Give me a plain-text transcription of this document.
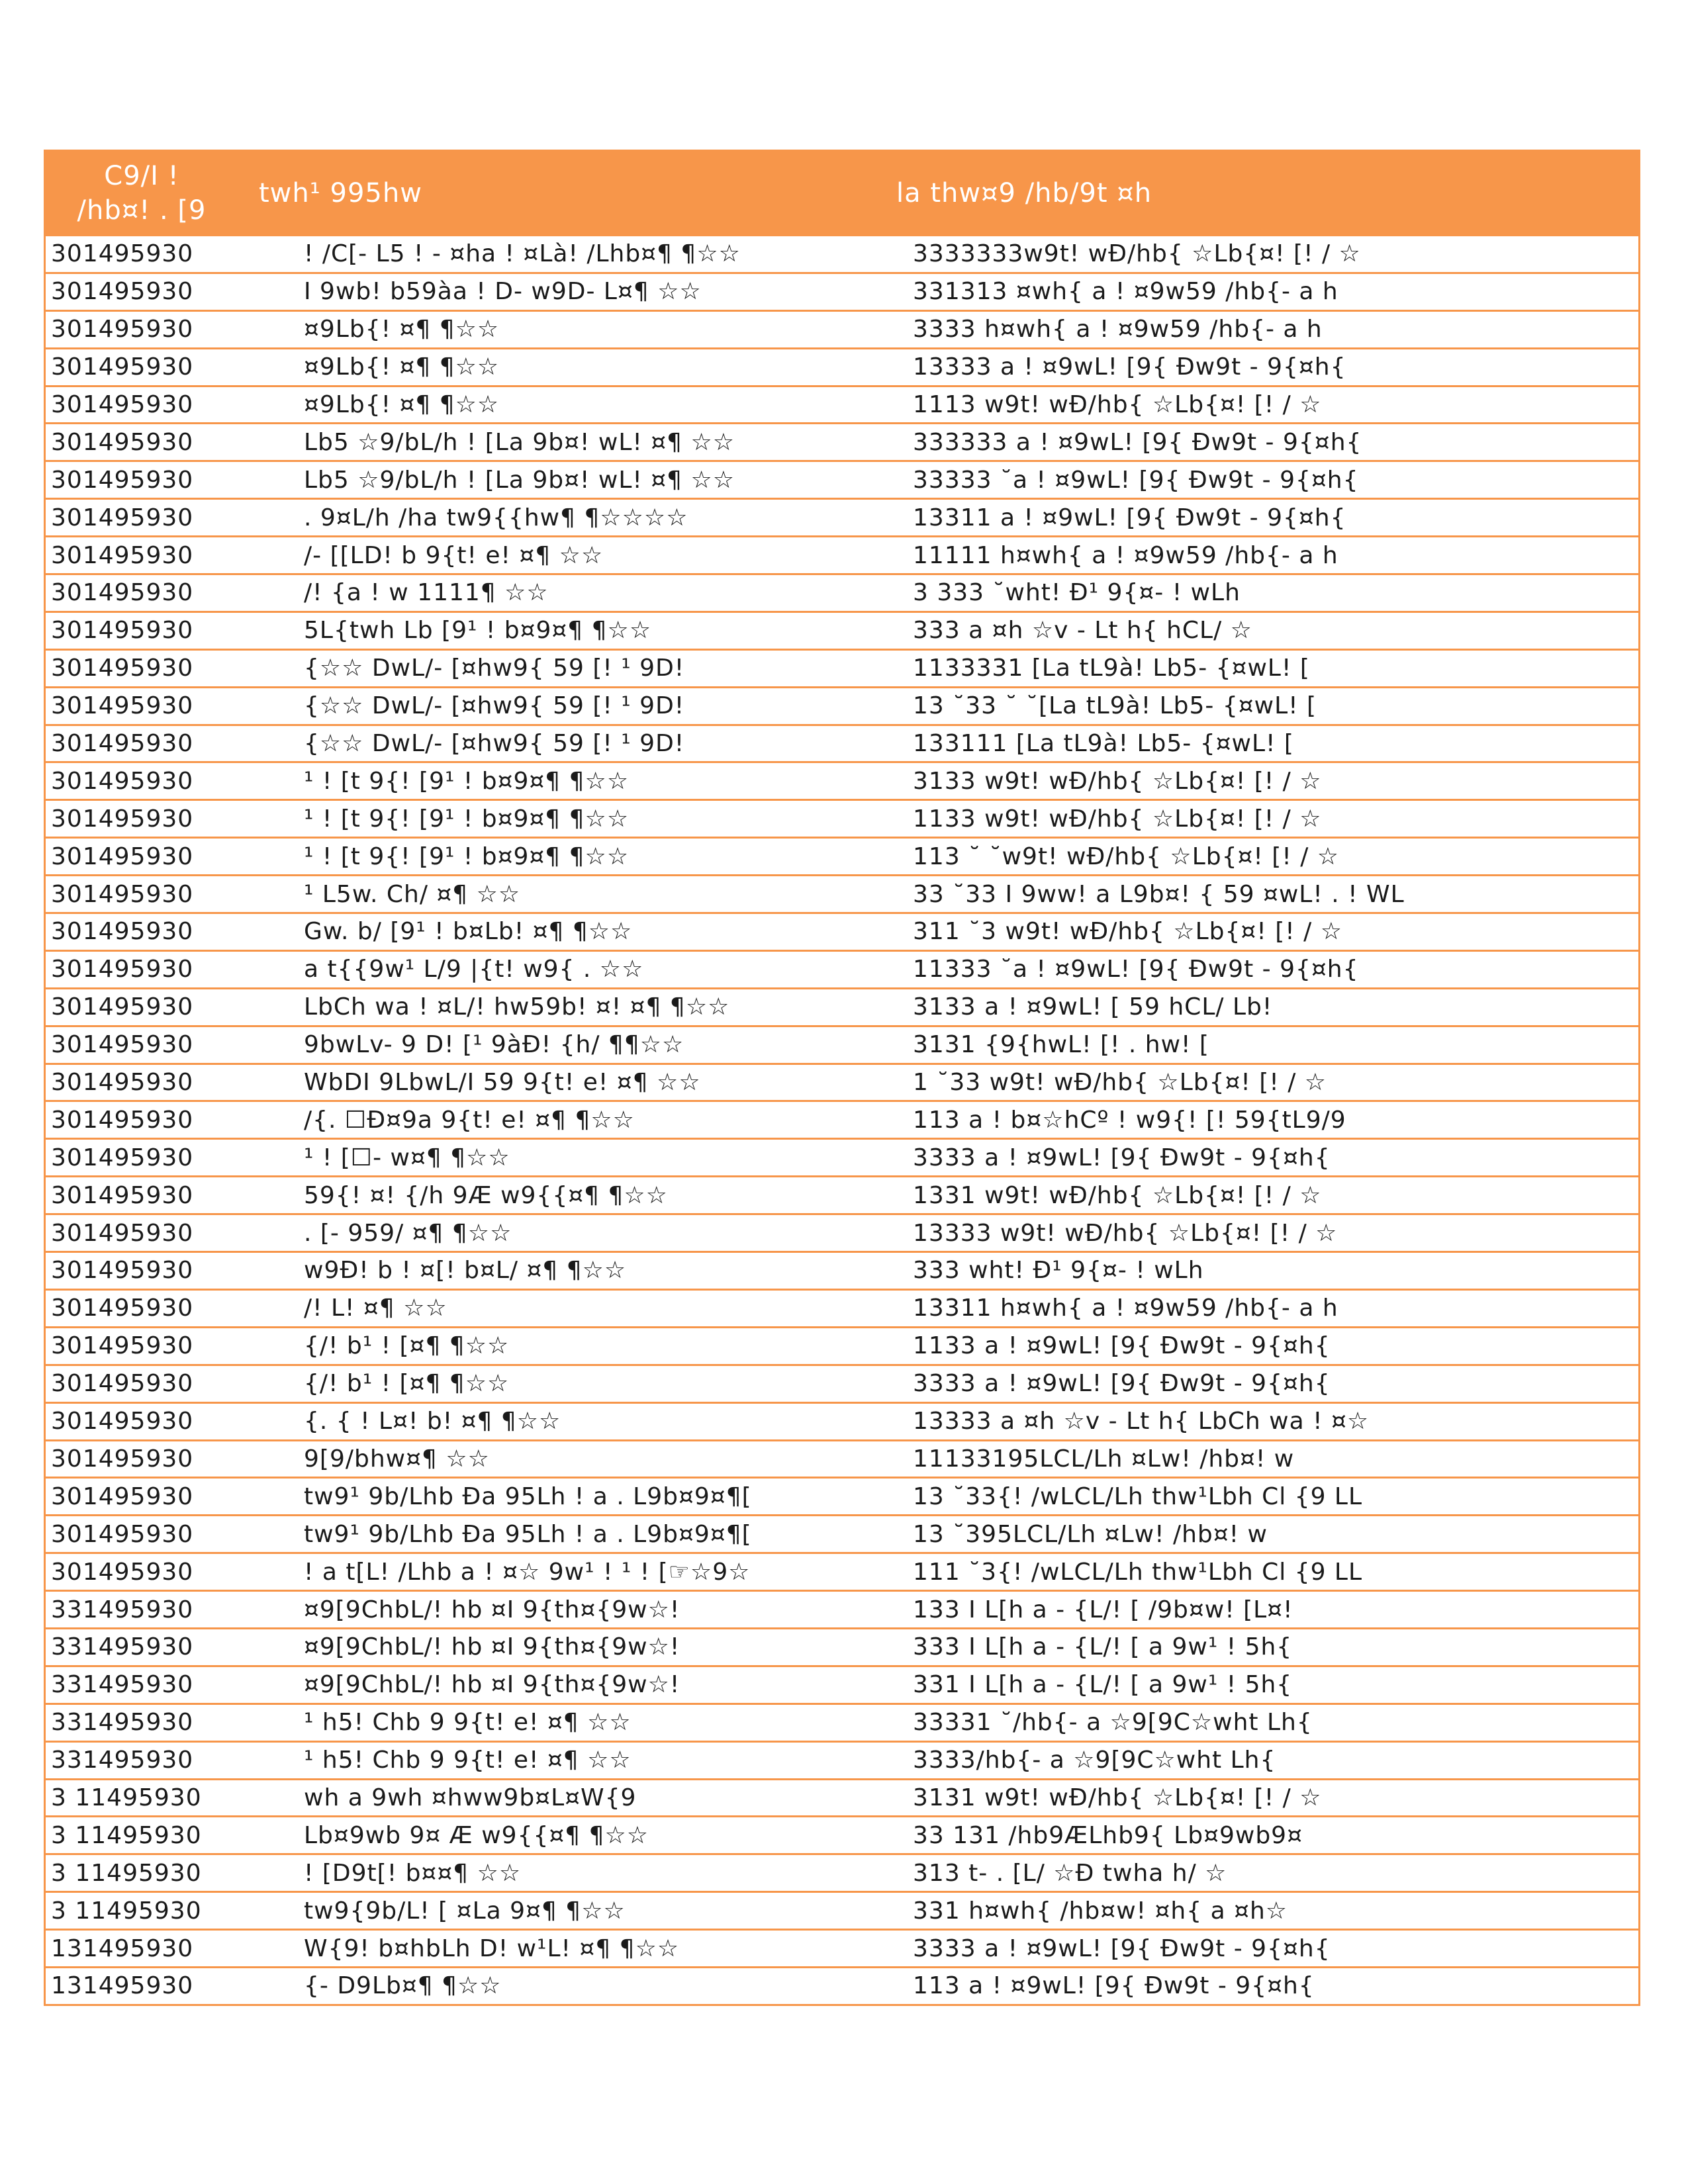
C9/I !
/hb¤! . [9
twh¹ 995hw	la thw¤9 /hb/9t ¤h
3‌0‌1‌4‌9‌5‌9‌3‌0	! /C[- L5 ! - ¤ha ! ¤Là! /Lhb¤¶ ¶☆☆	3333‌3‌3‌3‌w9t! wÐ/hb{ ☆Lb{¤! [! / ☆
3‌0‌1‌4‌9‌5‌9‌3‌0	I 9wb! b59àa ! D- w9D- L¤¶ ☆☆	3‌3‌1‌3‌1‌3 ¤wh{ a ! ¤9w59 /hb{- a h
3‌0‌1‌4‌9‌5‌9‌3‌0	¤9Lb{! ¤¶ ¶☆☆	3‌3‌3‌3 h¤wh{ a ! ¤9w59 /hb{- a h
3‌0‌1‌4‌9‌5‌9‌3‌0	¤9Lb{! ¤¶ ¶☆☆	1‌3‌3‌3‌3 a ! ¤9wL! [9{ Ðw9t - 9{¤h{
3‌0‌1‌4‌9‌5‌9‌3‌0	¤9Lb{! ¤¶ ¶☆☆	1‌1‌1‌3 w9t! wÐ/hb{ ☆Lb{¤! [! / ☆
3‌0‌1‌4‌9‌5‌9‌3‌0	Lb5 ☆9/bL/h ! [La 9b¤! wL! ¤¶ ☆☆	3‌3‌3‌3‌3‌3 a ! ¤9wL! [9{ Ðw9t - 9{¤h{
3‌0‌1‌4‌9‌5‌9‌3‌0	Lb5 ☆9/bL/h ! [La 9b¤! wL! ¤¶ ☆☆	3‌3‌3‌3‌3 ˘a ! ¤9wL! [9{ Ðw9t - 9{¤h{
3‌0‌1‌4‌9‌5‌9‌3‌0	. 9¤L/h /ha tw9{{hw¶ ¶☆☆☆☆	1‌3‌3‌1‌1 a ! ¤9wL! [9{ Ðw9t - 9{¤h{
3‌0‌1‌4‌9‌5‌9‌3‌0	/- [[LD! b 9{t! e! ¤¶ ☆☆	1‌1‌1‌1‌1 h¤wh{ a ! ¤9w59 /hb{- a h
3‌0‌1‌4‌9‌5‌9‌3‌0	/! {a ! w 1‌1‌1‌1¶ ☆☆	3 3‌3‌3 ˘wht! Ð¹ 9{¤- ! wLh
3‌0‌1‌4‌9‌5‌9‌3‌0	5L{twh Lb [9¹ ! b¤9¤¶ ¶☆☆	3‌3‌3 a ¤h ☆v - Lt h{ hCL/ ☆
3‌0‌1‌4‌9‌5‌9‌3‌0	{☆☆ DwL/- [¤hw9{ 59 [! ¹ 9D!	1‌1‌3‌3‌3‌3‌1 [La tL9à! Lb5- {¤wL! [
3‌0‌1‌4‌9‌5‌9‌3‌0	{☆☆ DwL/- [¤hw9{ 59 [! ¹ 9D!	1‌3 ˘3‌3 ˘ ˘[La tL9à! Lb5- {¤wL! [
3‌0‌1‌4‌9‌5‌9‌3‌0	{☆☆ DwL/- [¤hw9{ 59 [! ¹ 9D!	1‌3‌3‌1‌1‌1 [La tL9à! Lb5- {¤wL! [
3‌0‌1‌4‌9‌5‌9‌3‌0	¹ ! [t 9{! [9¹ ! b¤9¤¶ ¶☆☆	3‌1‌3‌3 w9t! wÐ/hb{ ☆Lb{¤! [! / ☆
3‌0‌1‌4‌9‌5‌9‌3‌0	¹ ! [t 9{! [9¹ ! b¤9¤¶ ¶☆☆	1‌1‌3‌3 w9t! wÐ/hb{ ☆Lb{¤! [! / ☆
3‌0‌1‌4‌9‌5‌9‌3‌0	¹ ! [t 9{! [9¹ ! b¤9¤¶ ¶☆☆	1‌1‌3 ˘ ˘w9t! wÐ/hb{ ☆Lb{¤! [! / ☆
3‌0‌1‌4‌9‌5‌9‌3‌0	¹ L5w. Ch/ ¤¶ ☆☆	3‌3 ˘3‌3 I 9ww! a L9b¤! { 59 ¤wL! . ! WL
3‌0‌1‌4‌9‌5‌9‌3‌0	Gw. b/ [9¹ ! b¤Lb! ¤¶ ¶☆☆	3‌1‌1 ˘3 w9t! wÐ/hb{ ☆Lb{¤! [! / ☆
3‌0‌1‌4‌9‌5‌9‌3‌0	a t{{9w¹ L/9 |{t! w9{ . ☆☆	1‌1‌3‌3‌3 ˘a ! ¤9wL! [9{ Ðw9t - 9{¤h{
3‌0‌1‌4‌9‌5‌9‌3‌0	LbCh wa ! ¤L/! hw59b! ¤! ¤¶ ¶☆☆	3‌1‌3‌3 a ! ¤9wL! [ 59 hCL/ Lb!
3‌0‌1‌4‌9‌5‌9‌3‌0	9bwLv- 9 D! [¹ 9àÐ! {h/ ¶¶☆☆	3‌1‌3‌1 {9{hwL! [! . hw! [
3‌0‌1‌4‌9‌5‌9‌3‌0	WbDI 9LbwL/I 59 9{t! e! ¤¶ ☆☆	1 ˘3‌3 w9t! wÐ/hb{ ☆Lb{¤! [! / ☆
3‌0‌1‌4‌9‌5‌9‌3‌0	/{. ☐Ð¤9a 9{t! e! ¤¶ ¶☆☆	1‌1‌3 a ! b¤☆hCº ! w9{! [! 59{tL9/9
3‌0‌1‌4‌9‌5‌9‌3‌0	¹ ! [☐- w¤¶ ¶☆☆	3‌3‌3‌3 a ! ¤9wL! [9{ Ðw9t - 9{¤h{
3‌0‌1‌4‌9‌5‌9‌3‌0	59{! ¤! {/h 9Æ w9{{¤¶ ¶☆☆	1‌3‌3‌1 w9t! wÐ/hb{ ☆Lb{¤! [! / ☆
3‌0‌1‌4‌9‌5‌9‌3‌0	. [- 959/ ¤¶ ¶☆☆	1‌3‌3‌3‌3 w9t! wÐ/hb{ ☆Lb{¤! [! / ☆
3‌0‌1‌4‌9‌5‌9‌3‌0	w9Ð! b ! ¤[! b¤L/ ¤¶ ¶☆☆	3‌3‌3 wht! Ð¹ 9{¤- ! wLh
3‌0‌1‌4‌9‌5‌9‌3‌0	/! L! ¤¶ ☆☆	1‌3‌3‌1‌1 h¤wh{ a ! ¤9w59 /hb{- a h
3‌0‌1‌4‌9‌5‌9‌3‌0	{/! b¹ ! [¤¶ ¶☆☆	1‌1‌3‌3 a ! ¤9wL! [9{ Ðw9t - 9{¤h{
3‌0‌1‌4‌9‌5‌9‌3‌0	{/! b¹ ! [¤¶ ¶☆☆	3‌3‌3‌3 a ! ¤9wL! [9{ Ðw9t - 9{¤h{
3‌0‌1‌4‌9‌5‌9‌3‌0	{. { ! L¤! b! ¤¶ ¶☆☆	1‌3‌3‌3‌3 a ¤h ☆v - Lt h{ LbCh wa ! ¤☆
3‌0‌1‌4‌9‌5‌9‌3‌0	9[9/bhw¤¶ ☆☆	1‌1‌1‌3‌3‌1‌95LCL/Lh ¤Lw! /hb¤! w
3‌0‌1‌4‌9‌5‌9‌3‌0	tw9¹ 9b/Lhb Ða 95Lh ! a . L9b¤9¤¶[	1‌3 ˘3‌3{! /wLCL/Lh thw¹Lbh Cl {9 LL
3‌0‌1‌4‌9‌5‌9‌3‌0	tw9¹ 9b/Lhb Ða 95Lh ! a . L9b¤9¤¶[	1‌3 ˘3‌95LCL/Lh ¤Lw! /hb¤! w
3‌0‌1‌4‌9‌5‌9‌3‌0	! a t[L! /Lhb a ! ¤☆ 9w¹ ! ¹ ! [☞☆9☆	1‌1‌1 ˘3{! /wLCL/Lh thw¹Lbh Cl {9 LL
3‌3‌1‌4‌9‌5‌9‌3‌0	¤9[9ChbL/! hb ¤I 9{th¤{9w☆!	1‌3‌3 I L[h a - {L/! [ /9b¤w! [L¤!
3‌3‌1‌4‌9‌5‌9‌3‌0	¤9[9ChbL/! hb ¤I 9{th¤{9w☆!	3‌3‌3 I L[h a - {L/! [ a 9w¹ ! 5h{
3‌3‌1‌4‌9‌5‌9‌3‌0	¤9[9ChbL/! hb ¤I 9{th¤{9w☆!	3‌3‌1 I L[h a - {L/! [ a 9w¹ ! 5h{
3‌3‌1‌4‌9‌5‌9‌3‌0	¹ h5! Chb 9 9{t! e! ¤¶ ☆☆	3‌3‌3‌3‌1 ˘/hb{- a ☆9[9C☆wht Lh{
3‌3‌1‌4‌9‌5‌9‌3‌0	¹ h5! Chb 9 9{t! e! ¤¶ ☆☆	3‌3‌3‌3/hb{- a ☆9[9C☆wht Lh{
3 1‌1‌4‌9‌5‌9‌3‌0	wh a 9wh ¤hww9b¤L¤W{9	3‌1‌3‌1 w9t! wÐ/hb{ ☆Lb{¤! [! / ☆
3 1‌1‌4‌9‌5‌9‌3‌0	Lb¤9wb 9¤ Æ w9{{¤¶ ¶☆☆	3‌3 1‌3‌1 /hb9ÆLhb9{ Lb¤9wb9¤
3 1‌1‌4‌9‌5‌9‌3‌0	! [D9t[! b¤¤¶ ☆☆	3‌1‌3 t- . [L/ ☆Ð twha h/ ☆
3 1‌1‌4‌9‌5‌9‌3‌0	tw9{9b/L! [ ¤La 9¤¶ ¶☆☆	3‌3‌1 h¤wh{ /hb¤w! ¤h{ a ¤h☆
1‌3‌1‌4‌9‌5‌9‌3‌0	W{9! b¤hbLh D! w¹L! ¤¶ ¶☆☆	3‌3‌3‌3 a ! ¤9wL! [9{ Ðw9t - 9{¤h{
1‌3‌1‌4‌9‌5‌9‌3‌0	{- D9Lb¤¶ ¶☆☆	1‌1‌3 a ! ¤9wL! [9{ Ðw9t - 9{¤h{
